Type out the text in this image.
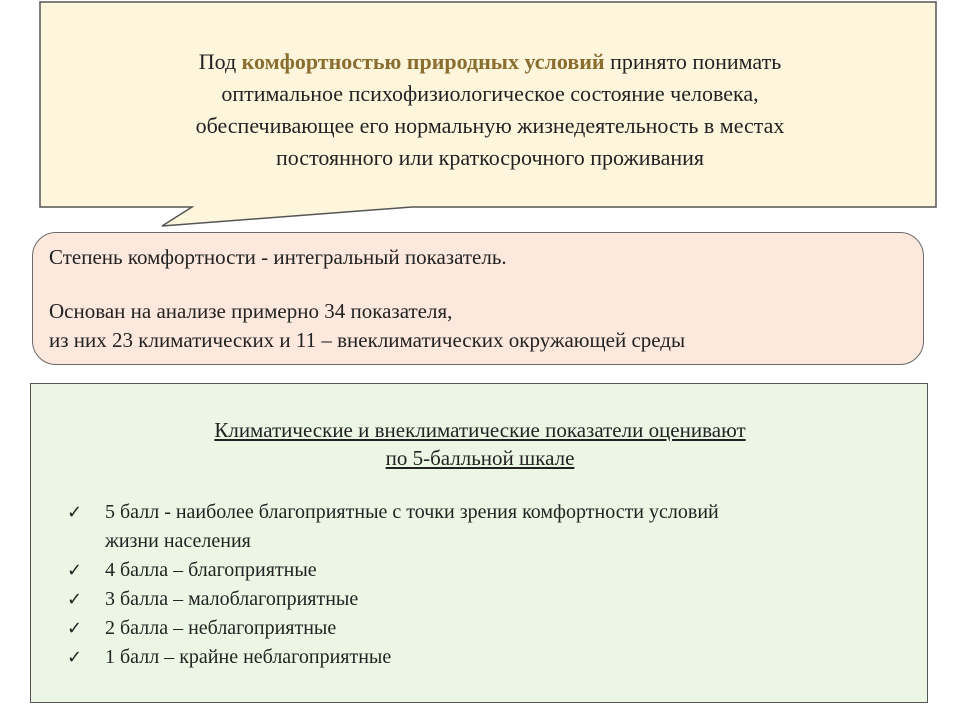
Под комфортностью природных условий принято понимать
оптимальное психофизиологическое состояние человека,
обеспечивающее его нормальную жизнедеятельность в местах
постоянного или краткосрочного проживания
Степень комфортности - интегральный показатель.
Основан на анализе примерно 34 показателя,
из них 23 климатических и 11 – внеклиматических окружающей среды
Климатические и внеклиматические показатели оценивают
по 5-балльной шкале
✓ 5 балл - наиболее благоприятные с точки зрения комфортности условий
жизни населения
✓ 4 балла – благоприятные
✓ 3 балла – малоблагоприятные
✓ 2 балла – неблагоприятные
✓ 1 балл – крайне неблагоприятные
